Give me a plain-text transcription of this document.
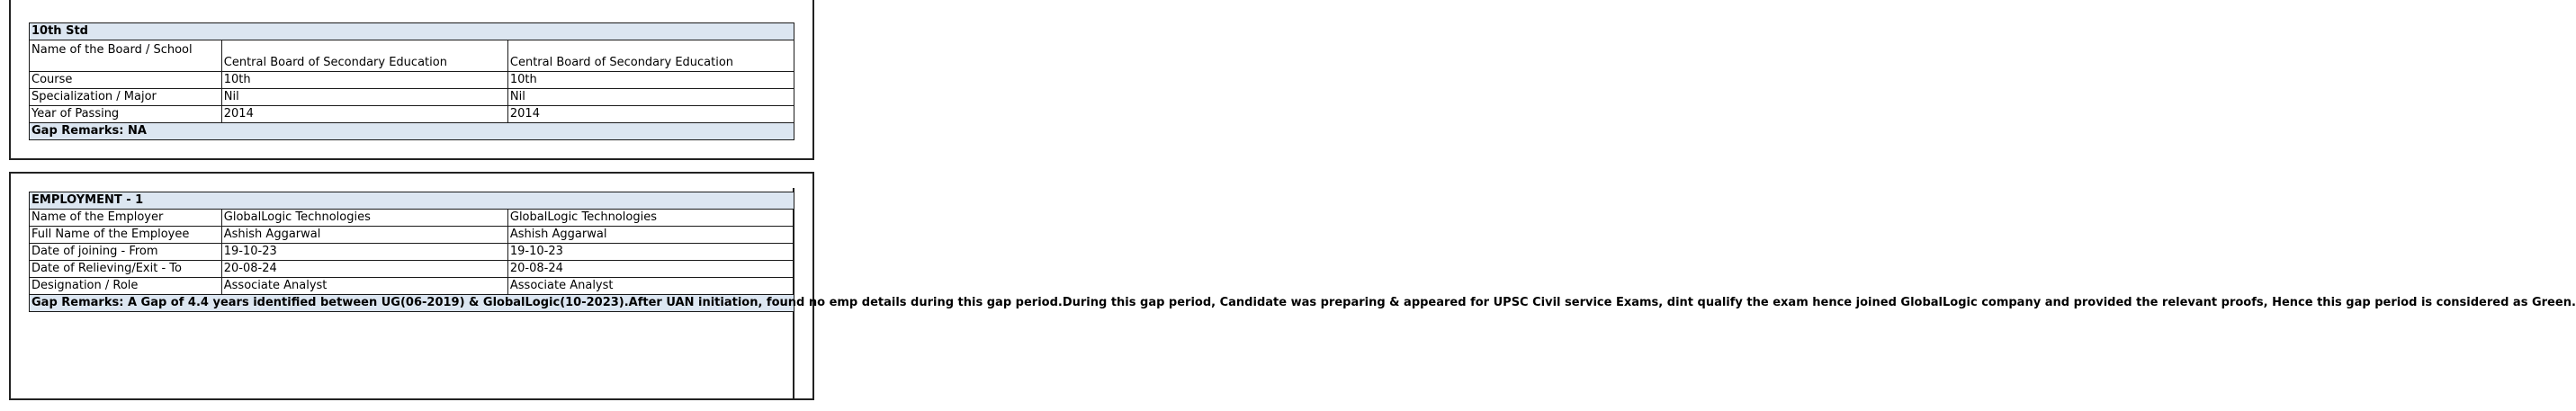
10th Std		
Name of the Board / School	Central Board of Secondary Education	Central Board of Secondary Education
Course	10th	10th
Specialization / Major	Nil	Nil
Year of Passing	2014	2014
Gap Remarks: NA		
EMPLOYMENT - 1		
Name of the Employer	GlobalLogic Technologies	GlobalLogic Technologies
Full Name of the Employee	Ashish Aggarwal	Ashish Aggarwal
Date of joining - From	19-10-23	19-10-23
Date of Relieving/Exit - To	20-08-24	20-08-24
Designation / Role	Associate Analyst	Associate Analyst
Gap Remarks: A Gap of 4.4 years identified between UG(06-2019) & GlobalLogic(10-2023).After UAN initiation, found no emp details during this gap period.During this gap period, Candidate was preparing & appeared for UPSC Civil service Exams, dint qualify the exam hence joined GlobalLogic company and provided the relevant proofs, Hence this gap period is considered as Green.		
